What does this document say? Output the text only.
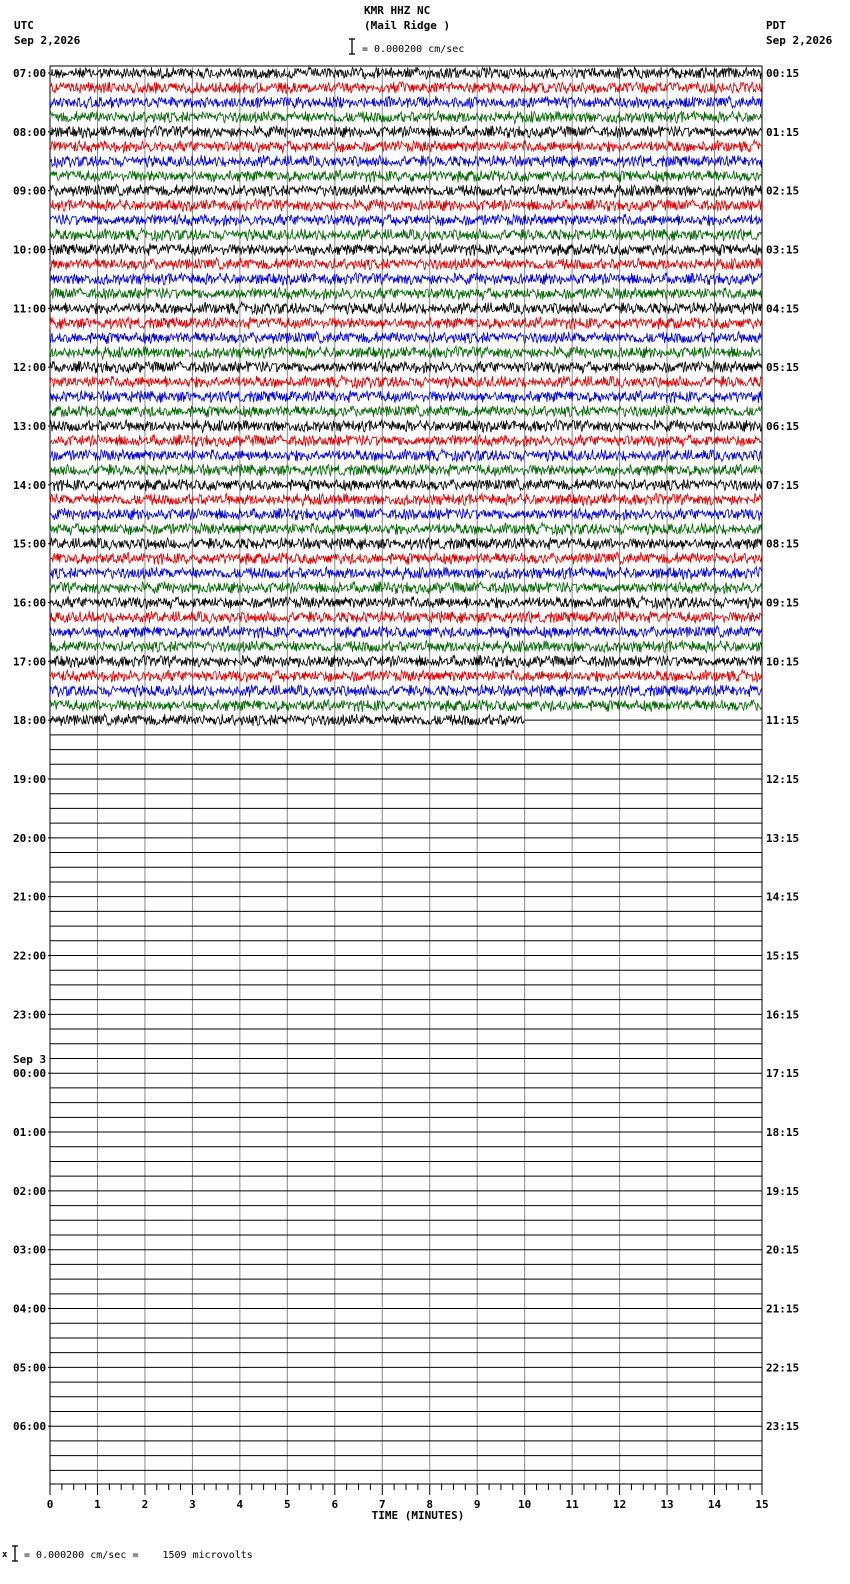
KMR HHZ NC
(Mail Ridge )
UTC
Sep 2,2026
PDT
Sep 2,2026
= 0.000200 cm/sec
07:00
08:00
09:00
10:00
11:00
12:00
13:00
14:00
15:00
16:00
17:00
18:00
19:00
20:00
21:00
22:00
23:00
00:00
01:00
02:00
03:00
04:00
05:00
06:00
Sep 3
00:15
01:15
02:15
03:15
04:15
05:15
06:15
07:15
08:15
09:15
10:15
11:15
12:15
13:15
14:15
15:15
16:15
17:15
18:15
19:15
20:15
21:15
22:15
23:15
0	1	2	3	4	5	6	7	8	9	10	11	12	13	14	15
TIME (MINUTES)
x = 0.000200 cm/sec =    1509 microvolts
